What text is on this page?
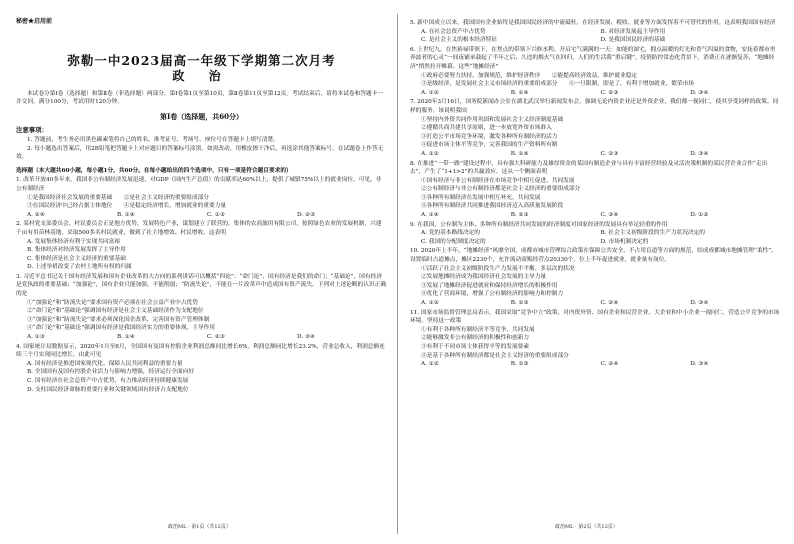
秘密★启用前
弥勒一中2023届高一年级下学期第二次月考
政 治
本试卷分第Ⅰ卷（选择题）和第Ⅱ卷（非选择题）两部分。第Ⅰ卷第1页至第10页，第Ⅱ卷第11页至第12页。考试结束后，请将本试卷和答题卡一并交回。满分100分，考试用时120分钟。
第Ⅰ卷（选择题，共60分）
注意事项：
1. 答题前，考生务必用黑色碳素笔将自己的姓名、准考证号、考场号、座位号在答题卡上填写清楚。
2. 每小题选出答案后，用2B铅笔把答题卡上对应题目的答案标号涂黑。如需改动，用橡皮擦干净后，再选涂其他答案标号。在试题卷上作答无效。
选择题（本大题共60小题，每小题1分，共60分。在每小题给出的四个选项中，只有一项是符合题目要求的）
1. 改革开放40多年来，我国非公有制经济发展迅速，对GDP（国内生产总值）的贡献率达60%以上，提供了城镇75%以上的就业岗位。可见，非公有制经济
①是我国经济社会发展的重要基础　　②是社会主义经济的重要组成部分
③在国民经济中已经占据主体地位　　④是稳定经济增长，增加就业的重要力量
A. ②④	B. ①④	C. ①③	D. ②③
2. 某村党支部委员会、村民委员会正是地方优势，发展特色产业，谋划建立了联营的，集体的农商旅用有限公司，按照绿色农业的发展机制，兴建千亩有用苗林基地，采取500多名村民就业，做到了社主地增效、村民增收。这表明
A. 发展集体经济有利于实现共同富裕
B. 集体经济对经济发展发挥了主导作用
C. 集体经济是社会主义经济的重要基础
D. 上述举措改变了农村土地所有权的归属
3. 习近平总书记关于国有经济发展和国有企业改革的大方向的系列讲话可以概括“四论”：“命门论”，国有经济是我们的命门；“基础论”，国有经济是党执政的重要基础；“加强论”，国有企业只能加强，不能削弱；“防流失论”，不能在一片改革声中造成国有资产流失。下列对上述论断的认识正确的是
①“加强论”和“防流失论”要求国有资产必须在社会公益产业中占优势
②“命门论”和“基础论”强调国有经济是社会主义基础经济作为支配地位
③“加强论”和“防流失论”要求必须深化国企改革，完善国有资产管理体制
④“命门论”和“基础论”强调国有经济是我国经济实力的重要体现、主导作用
A. ①③	B. ①④	C. ②③	D. ③④
4. 国家统计局数据显示，2020年1月至8月，全国国有及国有控股企业利润总额同比增长6%，利润总额同比增长23.2%，营业总收入，利润总额连续三个月实现同比增长。由此可见
A. 国有经济是推进国家现代化、保障人民共同利益的重要力量
B. 全国国有及国有控股企业活力与影响力增强，经济运行全面向好
C. 国有经济在社会总资产中占优势，有力推动经济持续健康发展
D. 支柱国民经济命脉的重要行业和关键领域国有经济占支配地位
5. 新中国成立以来，我国国有企业始终是我国国民经济的中流砥柱，在经济发展、税收、就业等方面发挥着不可替代的作用。这表明我国国有经济
A. 在社会总资产中占优势	B. 对经济发展起主导作用
C. 是社会主义的根本经济特征	D. 是我国国民经济的基础
6. 上世纪九，在焦裕禄带领下，在焦点的带领下兴修水利。开启宅气满满的一天：如能的深宅，拥点温暖的灯光和香气四溢的食物，安抚着都市里奔波者的心灵“一间夜铺承载起了半年之后，久违的烟火气在回归，人们的生活我“重启键”。疫情防控常态化背景下，消费正在逐渐复苏，“地摊经济”悄然拉开帷幕。这些“地摊经济”
①政府必要努力扶持，加强规范，维护经济秩序　　②能提高经济效益，维护就业稳定
③是级经济，是发展社会主义市场经济的重要组成部分　　④一旦限制，即是了，有利于增加就业，繁荣市场
A. ①②	B. ①④	C. ②③	D. ③④
7. 2020年3月16日，国务院新闻办公室在湖北武汉举行新闻发布会，强调无论内资企业还是外资企业，我们都一视同仁，使其享受同样的政策。同样的服务。该说明我国
①坚持内外资共同作用巩固和发展社会主义经济制度基础
②遵循共商共建共享原则，进一步放宽外资市场准入
③打造公平市场竞争环境，激发各种所有制经济的活力
④促进市场主体平等竞争，完善我国的生产资料所有制
A. ①②	B. ①④	C. ②③	D. ③④
8. 在推进“一带一路”建设过程中，具有强大科研能力及雄厚资金的某国有制造企业与具有丰富经营经验及灵活决策机制的某民营企业合作“走出去”，产生了“1+1>2”的共赢效应。这从一个侧面表明
①国有经济与非公有制经济在市场竞争中相互促进、共同发展
②公有制经济与非公有制经济都是社会主义经济的重要组成部分
③各种所有制经济在发展中相互补充，共同发展
④各种所有制经济共同推进我国经济迈入高质量发展阶段
A. ①④	B. ②③	C. ③④	D. ①②
9. 在我国，公有制为主体、多种所有制经济共同发展的经济制度对国家经济的发展具有举足轻重的作用
A. 党的基本路线决定的	B. 社会主义初级阶段的生产力状况决定的
C. 我国的分配制度决定的	D. 市场机制决定的
10. 2020年上半年，“地摊经济”风靡全国，成都市城市管理综合政策在保障公共安全、不占用盲道等方面的规范，结成成都城市地摊管理“柔性”，设置临时占道摊点，摊区2230个，允许流动商贩经营点20330个，位上半年促进就业，就业量有岗位。
①活跃了社会主义初级阶段生产力发展不平衡、多层次的状况
②发展地摊经济成为我国经济社会发展的主导力量
③发展了地摊经济促进就业和保持经济增长的积极作用
④优化了营商环境，增强了公有制经济的影响力和控制力
A. ①②	B. ①③	C. ②④	D. ③④
11. 国家市场监督管理总局表示，我国采取“竞争中立”政策，对内资外资、国有企业和民营企业、大企业和中小企业一视同仁，营造公平竞争的市场环境。坚持这一政策
①有利于各种所有制经济平等竞争、共同发展
②能够激发非公有制经济的积极性和创新力
③有利于不同市场主体获得平等的发展要素
④是基于各种所有制经济都是社会主义经济的重要组成部分
A. ①②	B. ①③	C. ②④	D. ③④
政治ML · 第1页（共12页）	政治ML · 第2页（共12页）
